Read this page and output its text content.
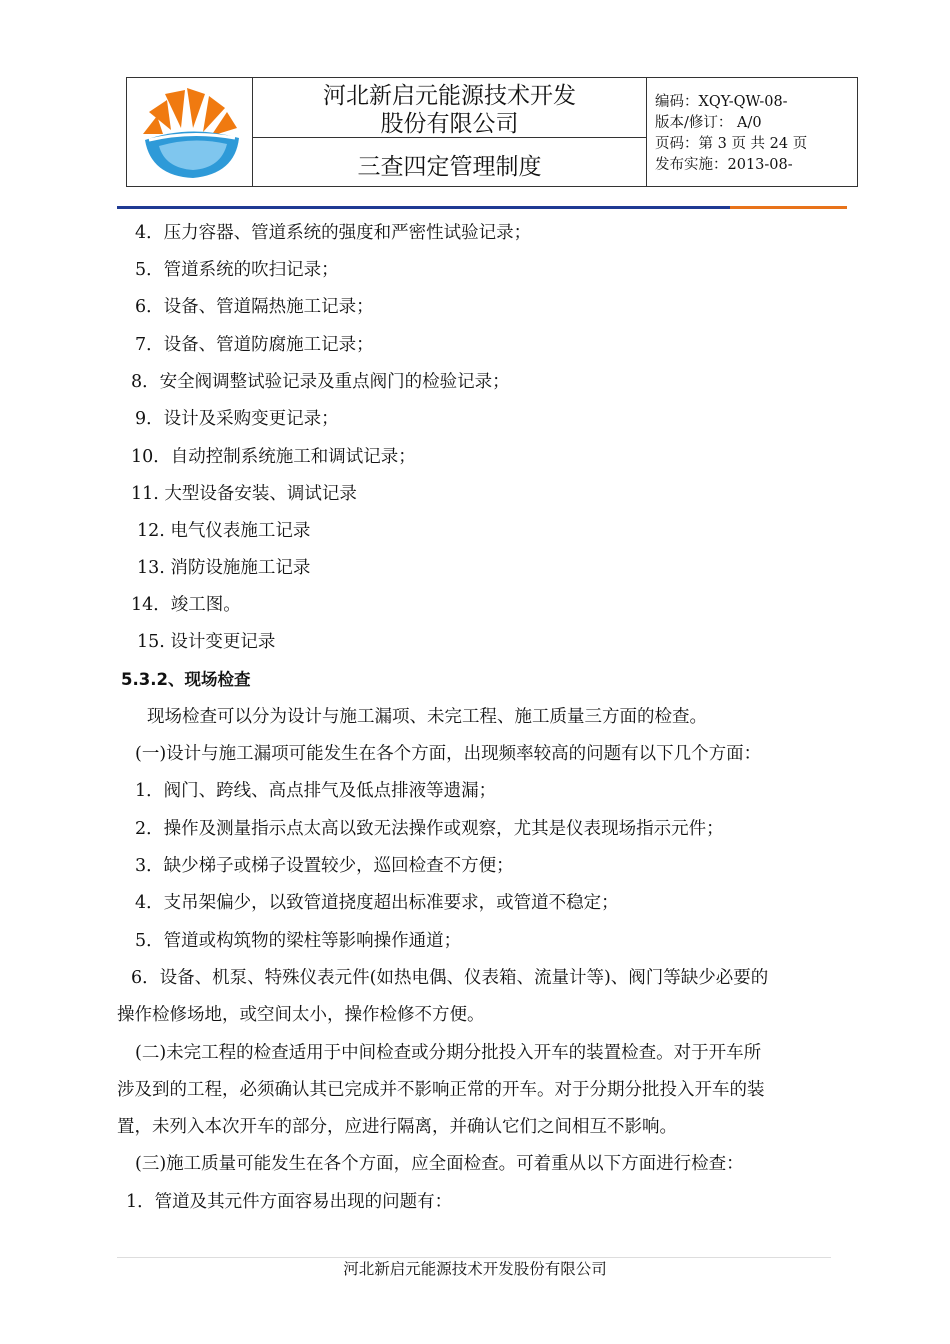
河北新启元能源技术开发
股份有限公司
三查四定管理制度
编码：XQY-QW-08-
版本/修订： A/0
页码：第 3 页 共 24 页
发布实施：2013-08-
4．压力容器、管道系统的强度和严密性试验记录；
5．管道系统的吹扫记录；
6．设备、管道隔热施工记录；
7．设备、管道防腐施工记录；
8．安全阀调整试验记录及重点阀门的检验记录；
9．设计及采购变更记录；
10．自动控制系统施工和调试记录；
11. 大型设备安装、调试记录
12. 电气仪表施工记录
13. 消防设施施工记录
14．竣工图。
15. 设计变更记录
5.3.2、现场检查
现场检查可以分为设计与施工漏项、未完工程、施工质量三方面的检查。
(一)设计与施工漏项可能发生在各个方面，出现频率较高的问题有以下几个方面：
1．阀门、跨线、高点排气及低点排液等遗漏；
2．操作及测量指示点太高以致无法操作或观察，尤其是仪表现场指示元件；
3．缺少梯子或梯子设置较少，巡回检查不方便；
4．支吊架偏少，以致管道挠度超出标准要求，或管道不稳定；
5．管道或构筑物的梁柱等影响操作通道；
6．设备、机泵、特殊仪表元件(如热电偶、仪表箱、流量计等)、阀门等缺少必要的
操作检修场地，或空间太小，操作检修不方便。
(二)未完工程的检查适用于中间检查或分期分批投入开车的装置检查。对于开车所
涉及到的工程，必须确认其已完成并不影响正常的开车。对于分期分批投入开车的装
置，未列入本次开车的部分，应进行隔离，并确认它们之间相互不影响。
(三)施工质量可能发生在各个方面，应全面检查。可着重从以下方面进行检查：
1．管道及其元件方面容易出现的问题有：
河北新启元能源技术开发股份有限公司
